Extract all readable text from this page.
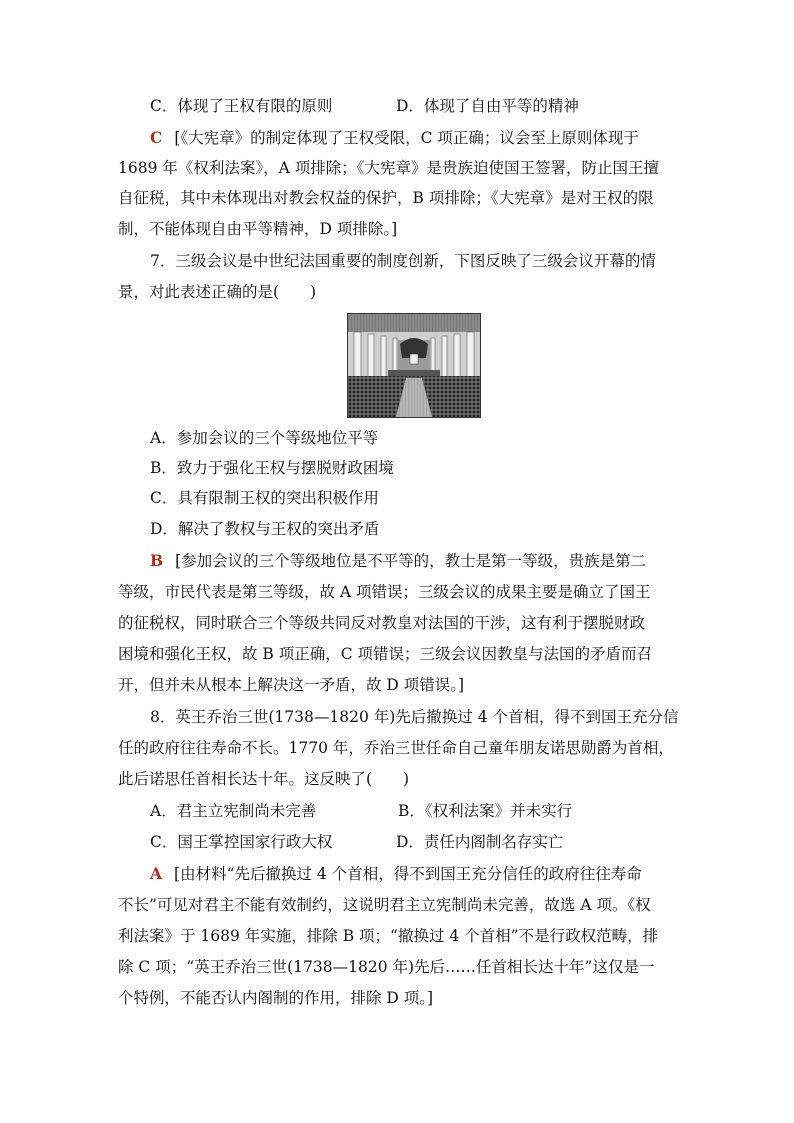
C．体现了王权有限的原则	D．体现了自由平等的精神

C [《大宪章》的制定体现了王权受限，C 项正确；议会至上原则体现于

1689 年《权利法案》，A 项排除；《大宪章》是贵族迫使国王签署，防止国王擅

自征税，其中未体现出对教会权益的保护，B 项排除；《大宪章》是对王权的限

制，不能体现自由平等精神，D 项排除。]

7．三级会议是中世纪法国重要的制度创新，下图反映了三级会议开幕的情

景，对此表述正确的是(　　)

A．参加会议的三个等级地位平等

B．致力于强化王权与摆脱财政困境

C．具有限制王权的突出积极作用

D．解决了教权与王权的突出矛盾

B [参加会议的三个等级地位是不平等的，教士是第一等级，贵族是第二

等级，市民代表是第三等级，故 A 项错误；三级会议的成果主要是确立了国王

的征税权，同时联合三个等级共同反对教皇对法国的干涉，这有利于摆脱财政

困境和强化王权，故 B 项正确，C 项错误；三级会议因教皇与法国的矛盾而召

开，但并未从根本上解决这一矛盾，故 D 项错误。]

8．英王乔治三世(1738—1820 年)先后撤换过 4 个首相，得不到国王充分信

任的政府往往寿命不长。1770 年，乔治三世任命自己童年朋友诺思勋爵为首相，

此后诺思任首相长达十年。这反映了(　　)

A．君主立宪制尚未完善	B．《权利法案》并未实行

C．国王掌控国家行政大权	D．责任内阁制名存实亡

A [由材料“先后撤换过 4 个首相，得不到国王充分信任的政府往往寿命

不长”可见对君主不能有效制约，这说明君主立宪制尚未完善，故选 A 项。《权

利法案》于 1689 年实施，排除 B 项；“撤换过 4 个首相”不是行政权范畴，排

除 C 项；“英王乔治三世(1738—1820 年)先后……任首相长达十年”这仅是一

个特例，不能否认内阁制的作用，排除 D 项。]
